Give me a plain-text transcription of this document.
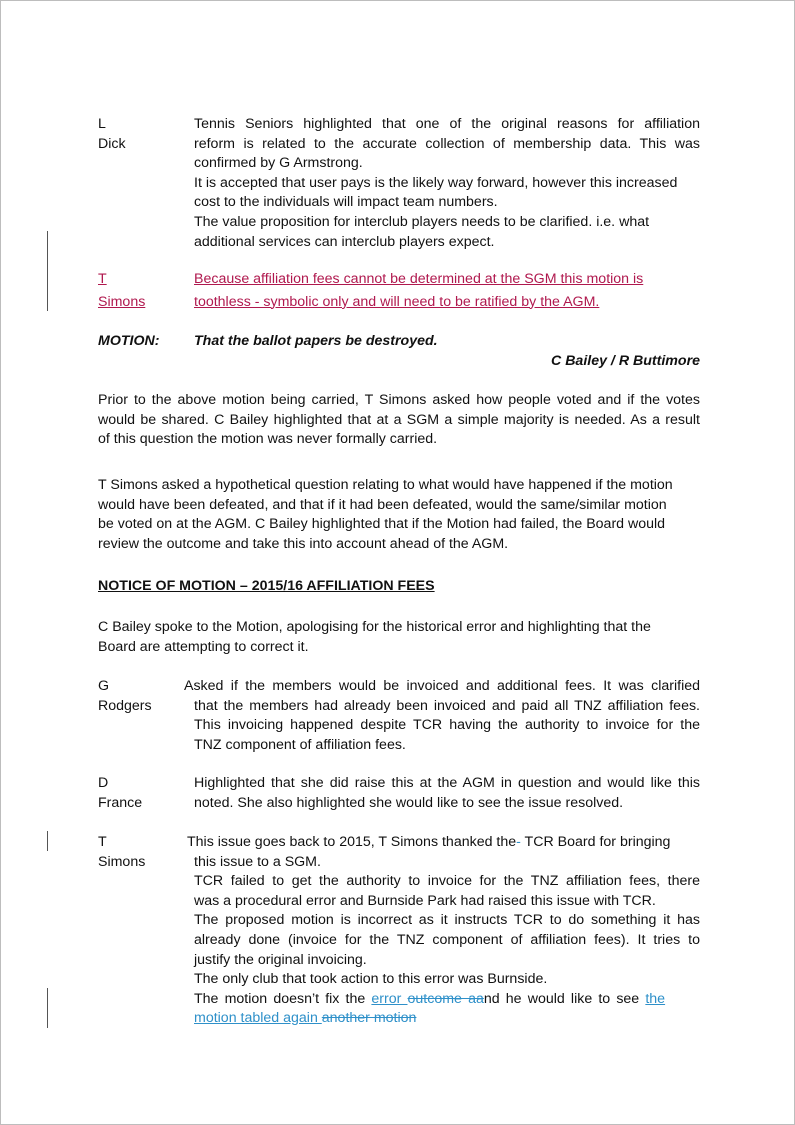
L Dick
Tennis Seniors highlighted that one of the original reasons for affiliation
reform is related to the accurate collection of membership data. This was
confirmed by G Armstrong.
It is accepted that user pays is the likely way forward, however this increased
cost to the individuals will impact team numbers.
The value proposition for interclub players needs to be clarified. i.e. what
additional services can interclub players expect.
T Simons
Because affiliation fees cannot be determined at the SGM this motion is
toothless - symbolic only and will need to be ratified by the AGM.
MOTION: That the ballot papers be destroyed.
C Bailey / R Buttimore
Prior to the above motion being carried, T Simons asked how people voted and if the votes
would be shared. C Bailey highlighted that at a SGM a simple majority is needed. As a result
of this question the motion was never formally carried.
T Simons asked a hypothetical question relating to what would have happened if the motion
would have been defeated, and that if it had been defeated, would the same/similar motion
be voted on at the AGM. C Bailey highlighted that if the Motion had failed, the Board would
review the outcome and take this into account ahead of the AGM.
NOTICE OF MOTION – 2015/16 AFFILIATION FEES
C Bailey spoke to the Motion, apologising for the historical error and highlighting that the
Board are attempting to correct it.
G Rodgers
Asked if the members would be invoiced and additional fees. It was clarified
that the members had already been invoiced and paid all TNZ affiliation fees.
This invoicing happened despite TCR having the authority to invoice for the
TNZ component of affiliation fees.
D France
Highlighted that she did raise this at the AGM in question and would like this
noted. She also highlighted she would like to see the issue resolved.
T Simons
This issue goes back to 2015, T Simons thanked the- TCR Board for bringing
this issue to a SGM.
TCR failed to get the authority to invoice for the TNZ affiliation fees, there
was a procedural error and Burnside Park had raised this issue with TCR.
The proposed motion is incorrect as it instructs TCR to do something it has
already done (invoice for the TNZ component of affiliation fees). It tries to
justify the original invoicing.
The only club that took action to this error was Burnside.
The motion doesn’t fix the error outcome aand he would like to see the
motion tabled again another motion
